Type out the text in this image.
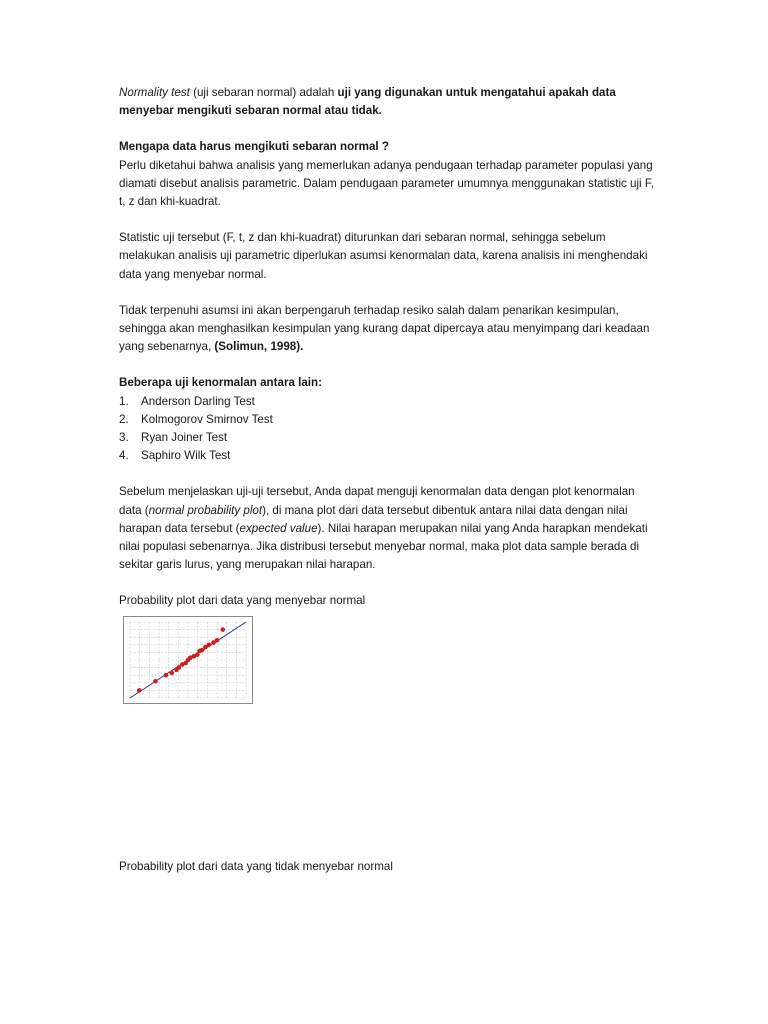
Normality test (uji sebaran normal) adalah uji yang digunakan untuk mengatahui apakah data menyebar mengikuti sebaran normal atau tidak.

Mengapa data harus mengikuti sebaran normal ?

Perlu diketahui bahwa analisis yang memerlukan adanya pendugaan terhadap parameter populasi yang diamati disebut analisis parametric. Dalam pendugaan parameter umumnya menggunakan statistic uji F, t, z dan khi-kuadrat.

Statistic uji tersebut (F, t, z dan khi-kuadrat) diturunkan dari sebaran normal, sehingga sebelum melakukan analisis uji parametric diperlukan asumsi kenormalan data, karena analisis ini menghendaki data yang menyebar normal.

Tidak terpenuhi asumsi ini akan berpengaruh terhadap resiko salah dalam penarikan kesimpulan, sehingga akan menghasilkan kesimpulan yang kurang dapat dipercaya atau menyimpang dari keadaan yang sebenarnya, (Solimun, 1998).

Beberapa uji kenormalan antara lain:

1.	Anderson Darling Test
2.	Kolmogorov Smirnov Test
3.	Ryan Joiner Test
4.	Saphiro Wilk Test

Sebelum menjelaskan uji-uji tersebut, Anda dapat menguji kenormalan data dengan plot kenormalan data (normal probability plot), di mana plot dari data tersebut dibentuk antara nilai data dengan nilai harapan data tersebut (expected value). Nilai harapan merupakan nilai yang Anda harapkan mendekati nilai populasi sebenarnya. Jika distribusi tersebut menyebar normal, maka plot data sample berada di sekitar garis lurus, yang merupakan nilai harapan.

Probability plot dari data yang menyebar normal

Probability plot dari data yang tidak menyebar normal
